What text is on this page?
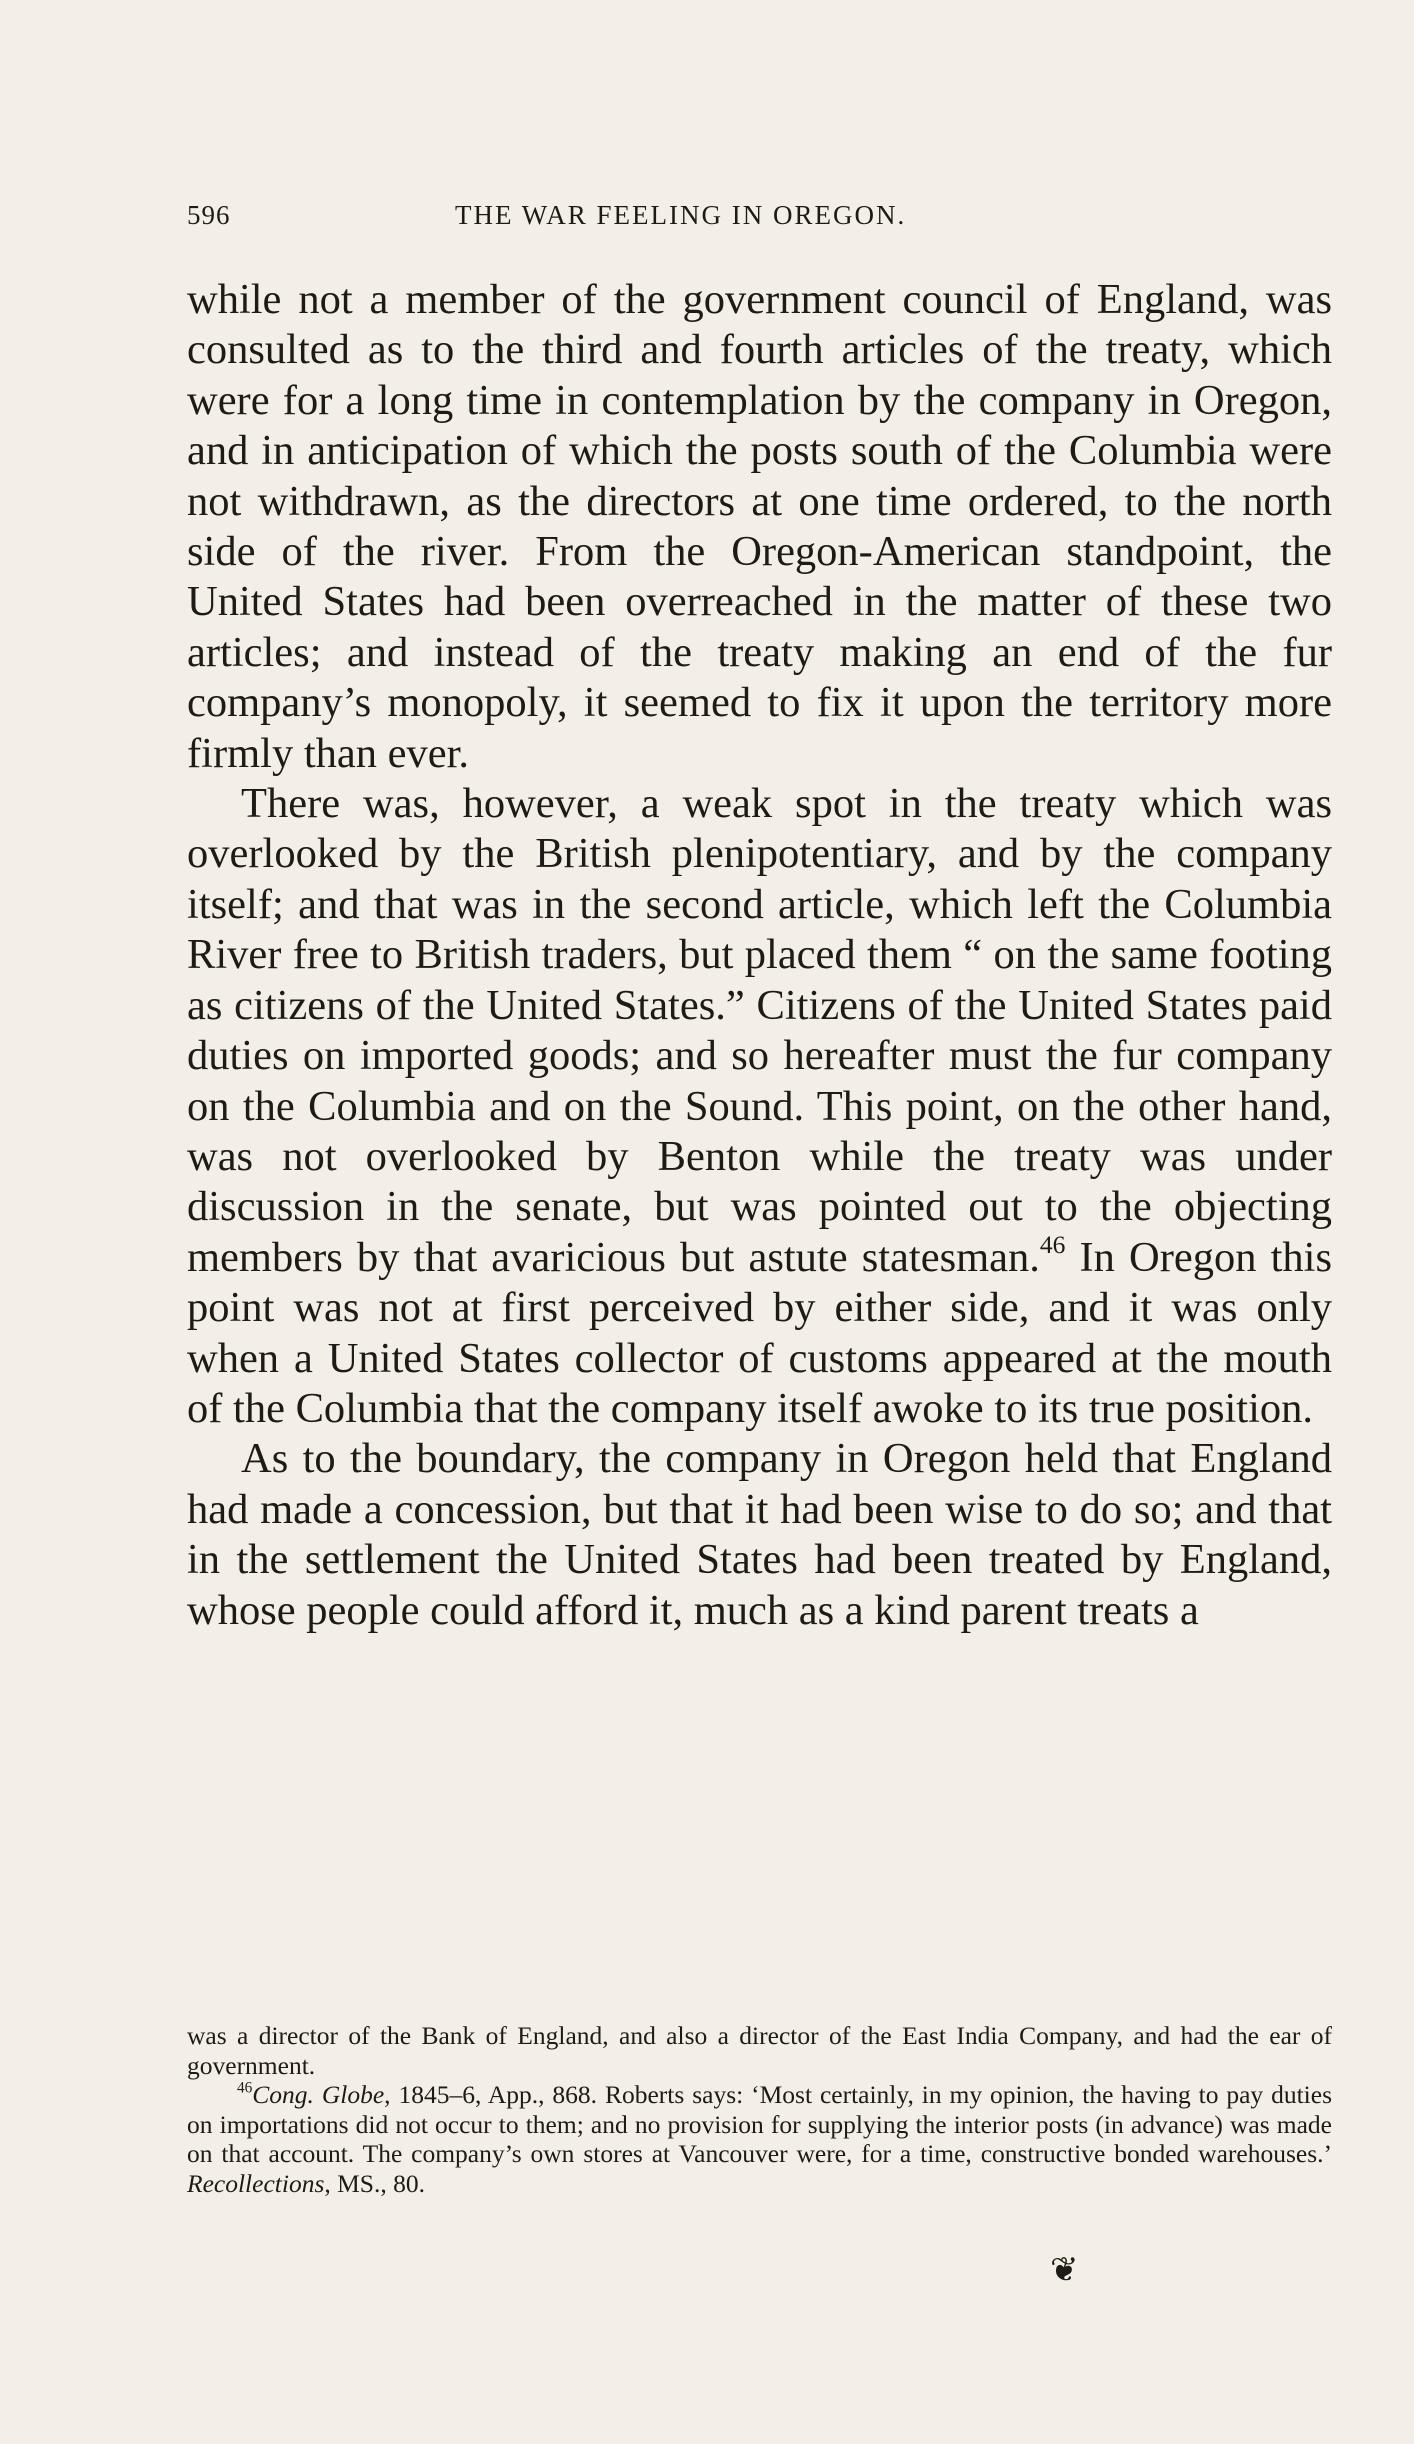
596	THE WAR FEELING IN OREGON.

while not a member of the government council of England, was consulted as to the third and fourth articles of the treaty, which were for a long time in contemplation by the company in Oregon, and in anticipation of which the posts south of the Columbia were not withdrawn, as the directors at one time ordered, to the north side of the river. From the Oregon-American standpoint, the United States had been overreached in the matter of these two articles; and instead of the treaty making an end of the fur company’s monopoly, it seemed to fix it upon the territory more firmly than ever.

There was, however, a weak spot in the treaty which was overlooked by the British plenipotentiary, and by the company itself; and that was in the second article, which left the Columbia River free to British traders, but placed them “ on the same footing as citizens of the United States.” Citizens of the United States paid duties on imported goods; and so hereafter must the fur company on the Columbia and on the Sound. This point, on the other hand, was not overlooked by Benton while the treaty was under discussion in the senate, but was pointed out to the objecting members by that avaricious but astute statesman.$^{46}$ In Oregon this point was not at first perceived by either side, and it was only when a United States collector of customs appeared at the mouth of the Columbia that the company itself awoke to its true position.

As to the boundary, the company in Oregon held that England had made a concession, but that it had been wise to do so; and that in the settlement the United States had been treated by England, whose people could afford it, much as a kind parent treats a

was a director of the Bank of England, and also a director of the East India Company, and had the ear of government.

$^{46}$Cong. Globe, 1845–6, App., 868. Roberts says: ‘Most certainly, in my opinion, the having to pay duties on importations did not occur to them; and no provision for supplying the interior posts (in advance) was made on that account. The company’s own stores at Vancouver were, for a time, constructive bonded warehouses.’ Recollections, MS., 80.

❦
